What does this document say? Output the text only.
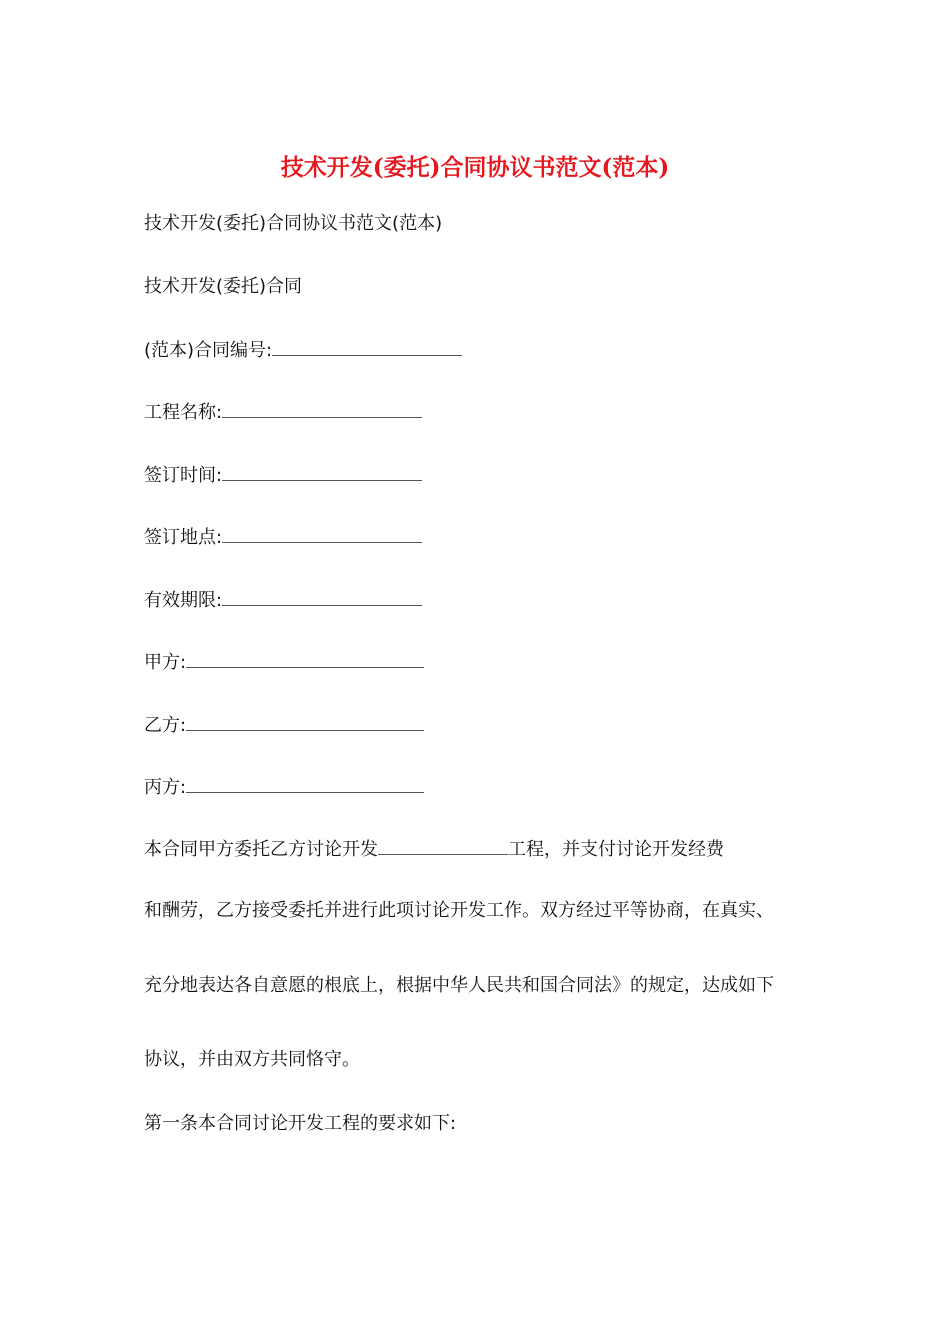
技术开发(委托)合同协议书范文(范本)
技术开发(委托)合同协议书范文(范本)
技术开发(委托)合同
(范本)合同编号:
工程名称:
签订时间:
签订地点:
有效期限:
甲方:
乙方:
丙方:
本合同甲方委托乙方讨论开发	工程，并支付讨论开发经费
和酬劳，乙方接受委托并进行此项讨论开发工作。双方经过平等协商，在真实、
充分地表达各自意愿的根底上，根据中华人民共和国合同法》的规定，达成如下
协议，并由双方共同恪守。
第一条本合同讨论开发工程的要求如下:
